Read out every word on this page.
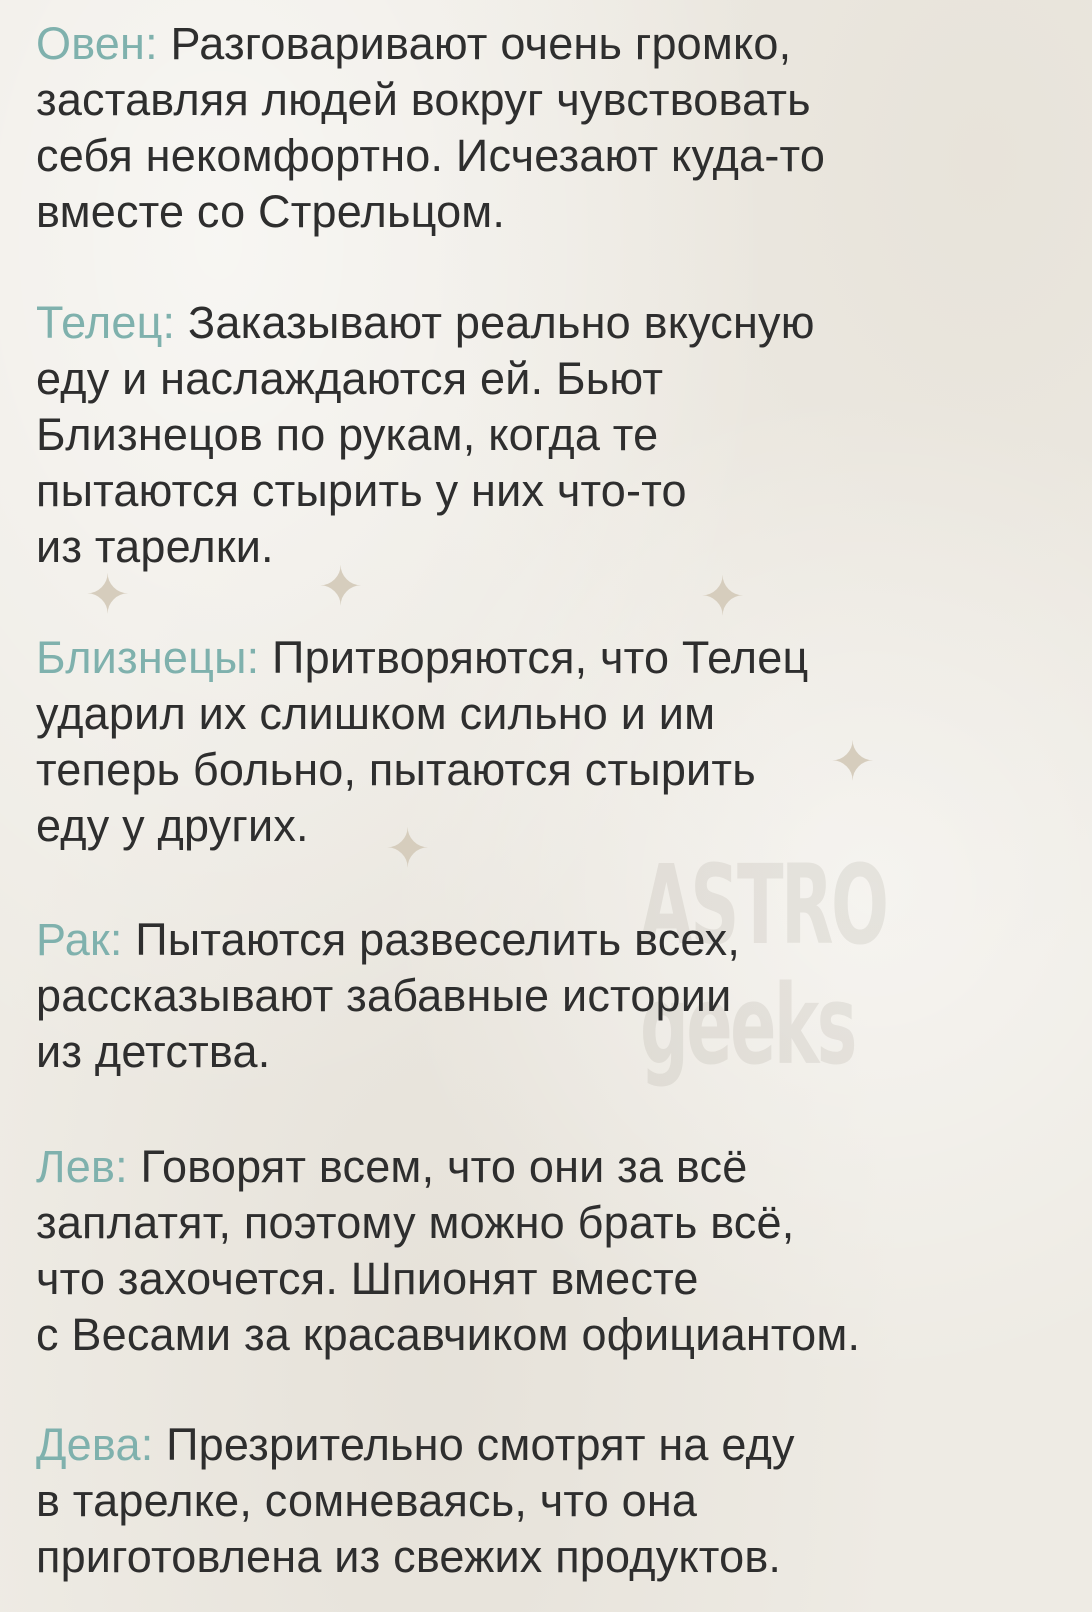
✦	✦	✦
✦
✦
ASTRO
geeks

Овен: Разговаривают очень громко,
заставляя людей вокруг чувствовать
себя некомфортно. Исчезают куда-то
вместе со Стрельцом.

Телец: Заказывают реально вкусную
еду и наслаждаются ей. Бьют
Близнецов по рукам, когда те
пытаются стырить у них что-то
из тарелки.

Близнецы: Притворяются, что Телец
ударил их слишком сильно и им
теперь больно, пытаются стырить
еду у других.

Рак: Пытаются развеселить всех,
рассказывают забавные истории
из детства.

Лев: Говорят всем, что они за всё
заплатят, поэтому можно брать всё,
что захочется. Шпионят вместе
с Весами за красавчиком официантом.

Дева: Презрительно смотрят на еду
в тарелке, сомневаясь, что она
приготовлена из свежих продуктов.
